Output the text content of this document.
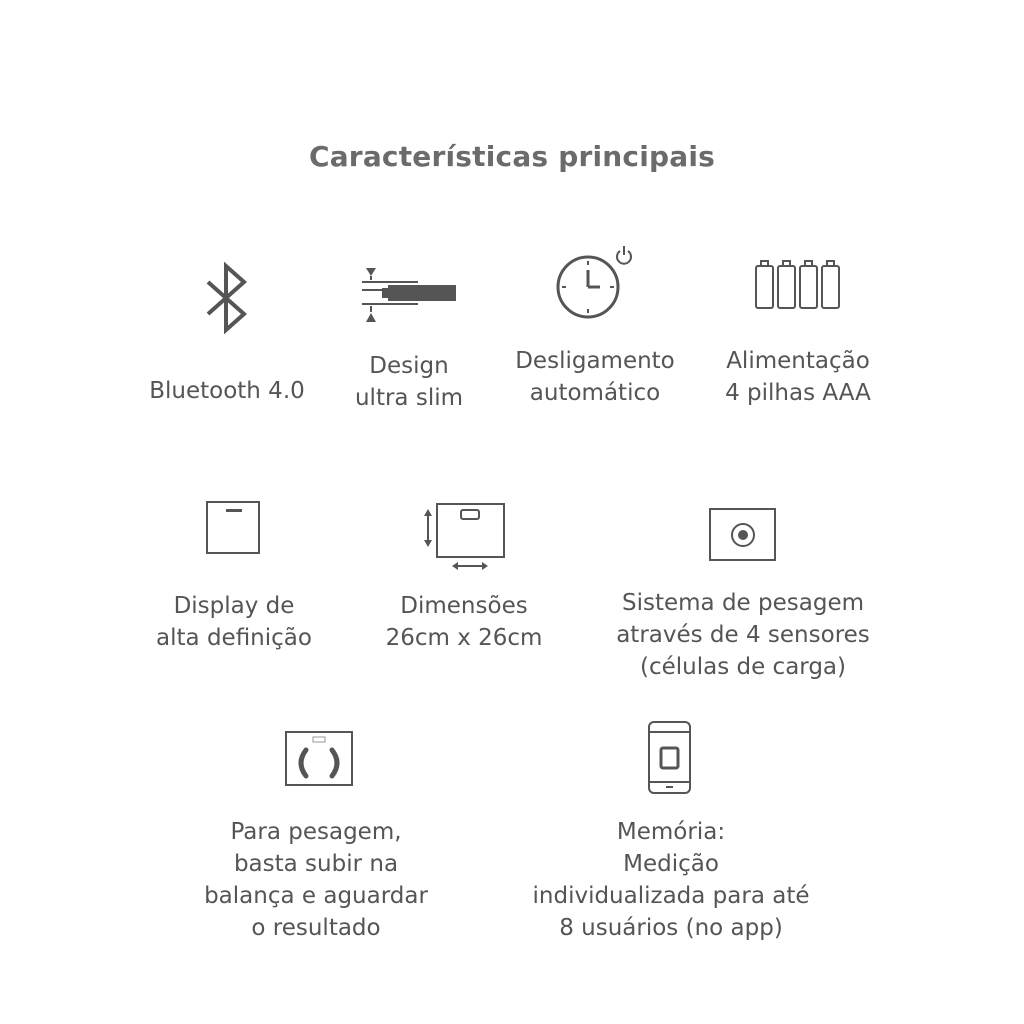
Características principais
Bluetooth 4.0
Design
ultra slim
Desligamento
automático
Alimentação
4 pilhas AAA
Display de
alta definição
Dimensões
26cm x 26cm
Sistema de pesagem
através de 4 sensores
(células de carga)
Para pesagem,
basta subir na
balança e aguardar
o resultado
Memória:
Medição
individualizada para até
8 usuários (no app)
